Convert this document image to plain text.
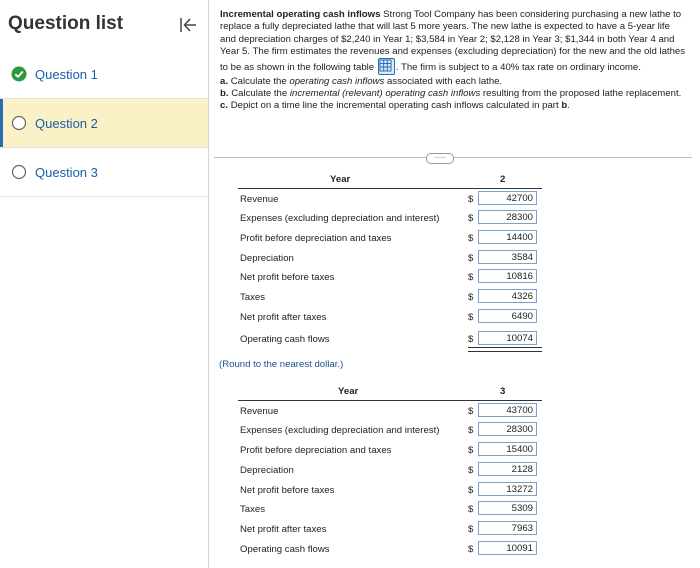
Question list
Question 1
Question 2
Question 3
Incremental operating cash inflows Strong Tool Company has been considering purchasing a new lathe to replace a fully depreciated lathe that will last 5 more years. The new lathe is expected to have a 5-year life and depreciation charges of $2,240 in Year 1; $3,584 in Year 2; $2,128 in Year 3; $1,344 in both Year 4 and Year 5. The firm estimates the revenues and expenses (excluding depreciation) for the new and the old lathes to be as shown in the following table . The firm is subject to a 40% tax rate on ordinary income.
a. Calculate the operating cash inflows associated with each lathe.
b. Calculate the incremental (relevant) operating cash inflows resulting from the proposed lathe replacement.
c. Depict on a time line the incremental operating cash inflows calculated in part b.
····
Year	2
Revenue	$	42700
Expenses (excluding depreciation and interest)	$	28300
Profit before depreciation and taxes	$	14400
Depreciation	$	3584
Net profit before taxes	$	10816
Taxes	$	4326
Net profit after taxes	$	6490
Operating cash flows	$	10074
(Round to the nearest dollar.)
Year	3
Revenue	$	43700
Expenses (excluding depreciation and interest)	$	28300
Profit before depreciation and taxes	$	15400
Depreciation	$	2128
Net profit before taxes	$	13272
Taxes	$	5309
Net profit after taxes	$	7963
Operating cash flows	$	10091
